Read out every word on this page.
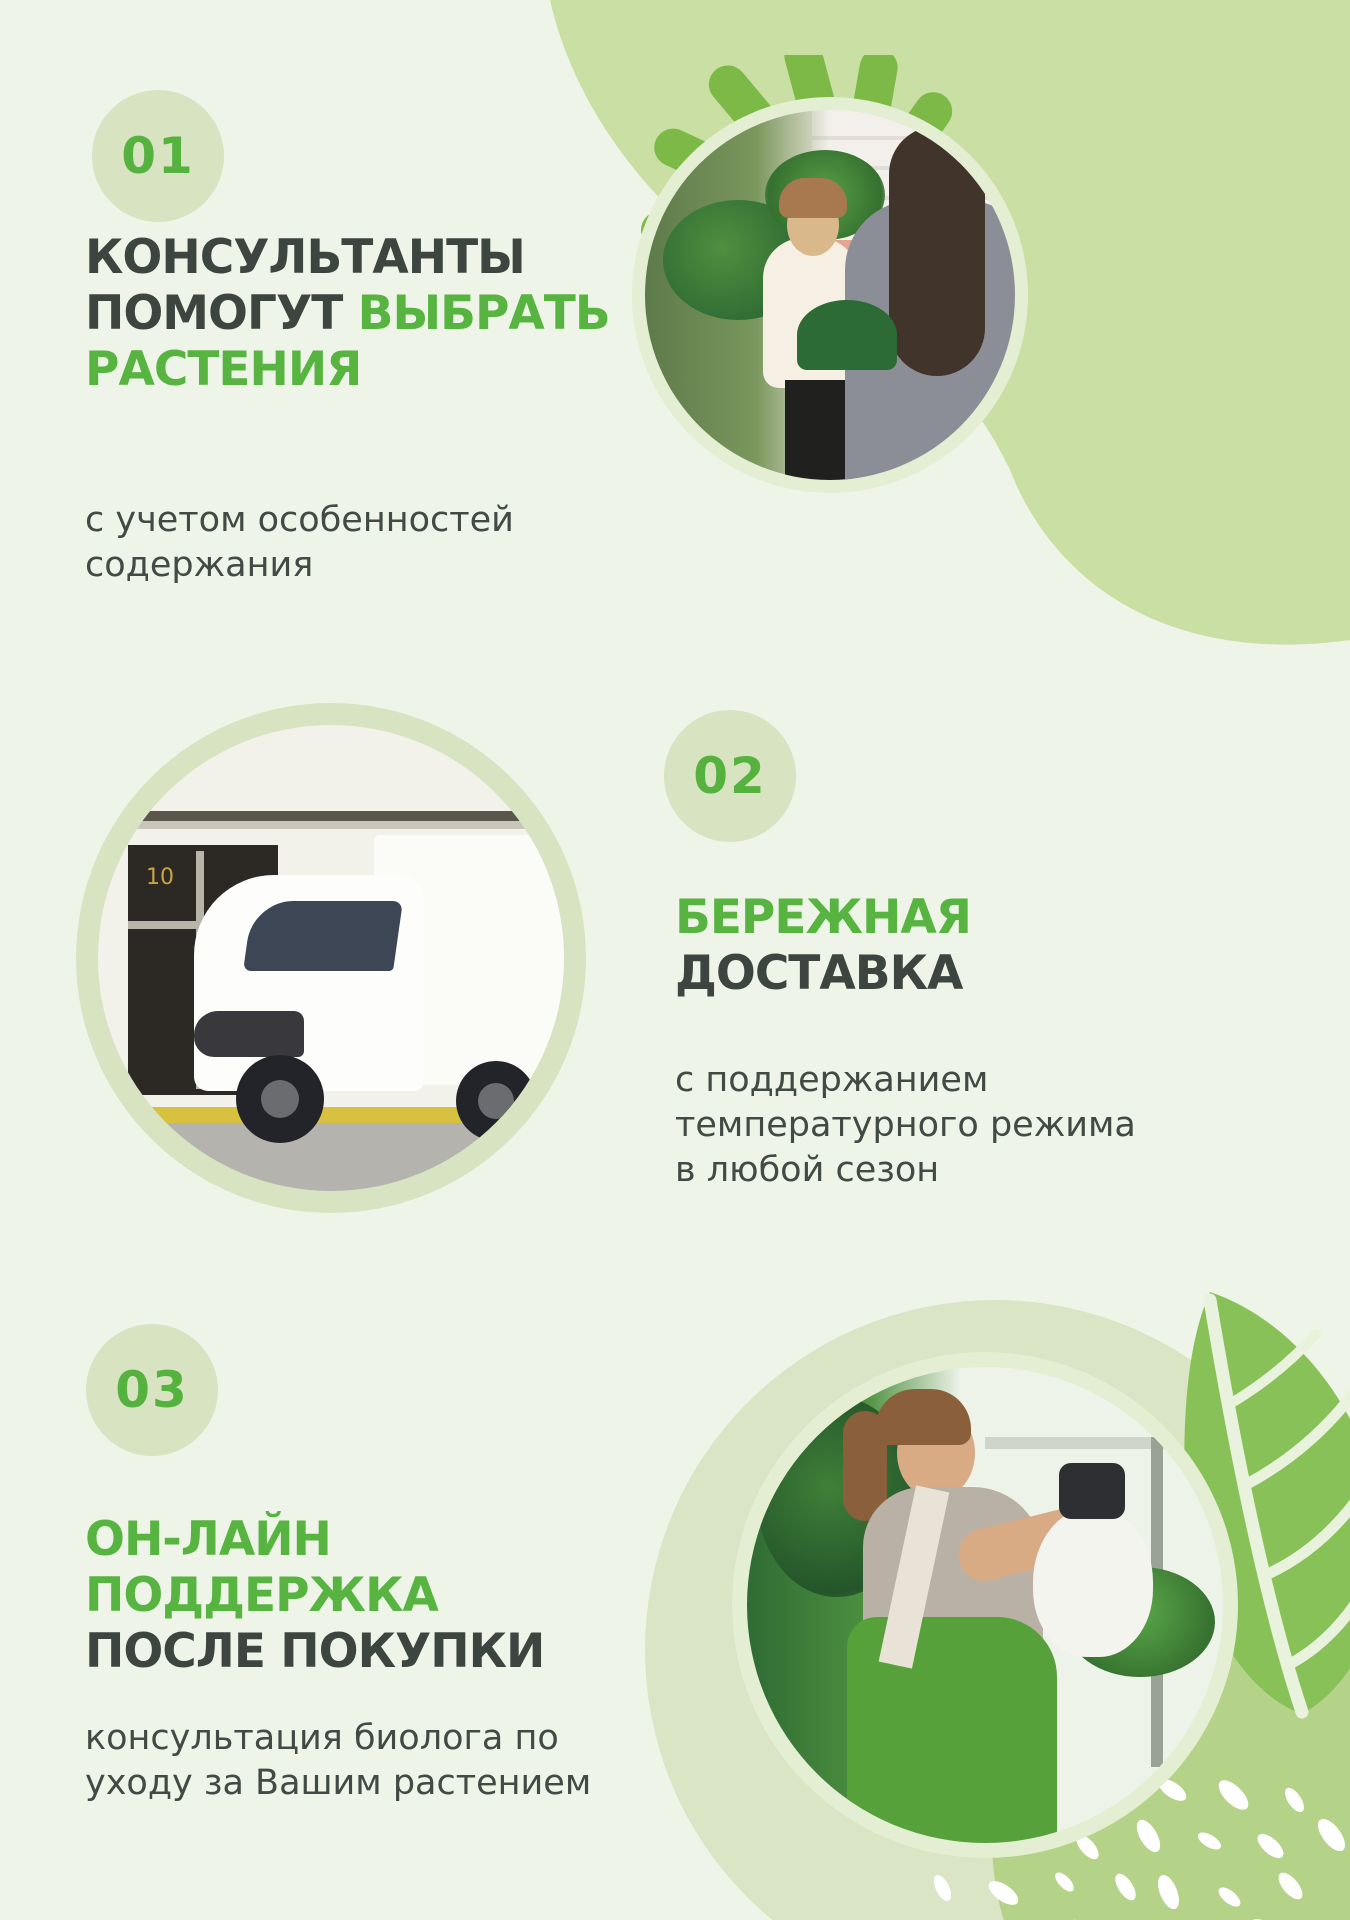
01
КОНСУЛЬТАНТЫ
ПОМОГУТ ВЫБРАТЬ
РАСТЕНИЯ
с учетом особенностей
содержания
10
02
БЕРЕЖНАЯ
ДОСТАВКА
с поддержанием
температурного режима
в любой сезон
03
ОН-ЛАЙН
ПОДДЕРЖКА
ПОСЛЕ ПОКУПКИ
консультация биолога по
уходу за Вашим растением
